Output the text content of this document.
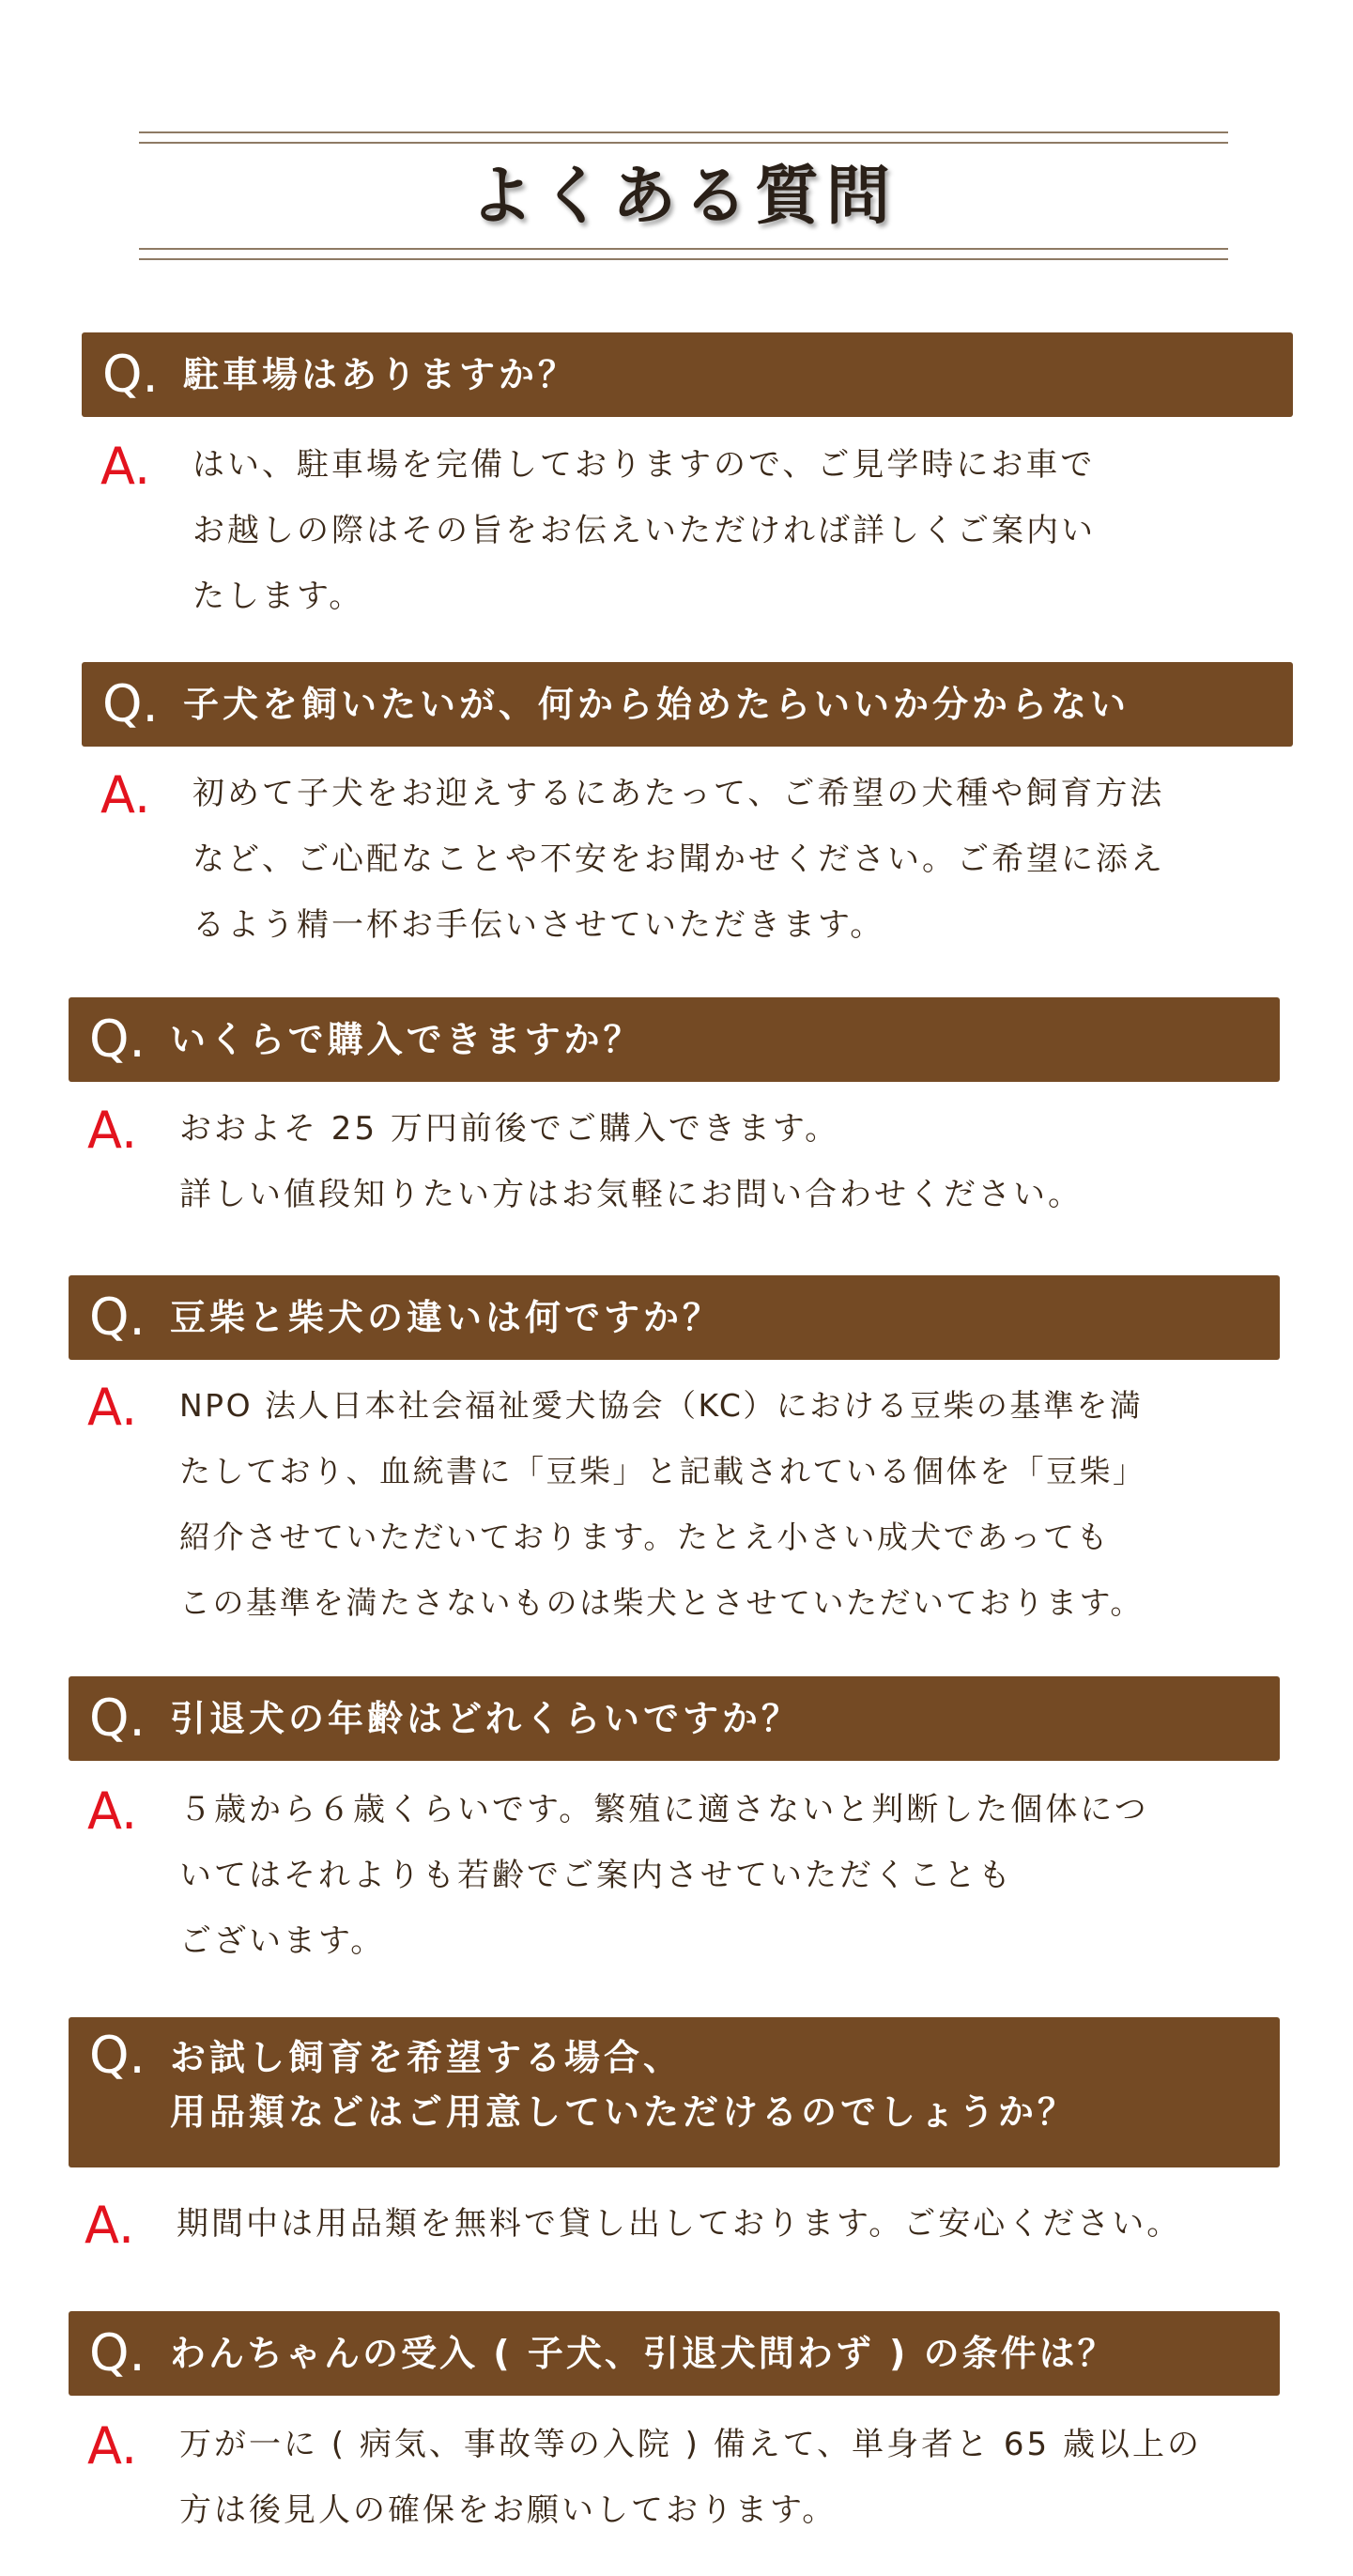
よくある質問
Q. 駐車場はありますか？
A. はい、駐車場を完備しておりますので、ご見学時にお車で
お越しの際はその旨をお伝えいただければ詳しくご案内い
たします。
Q. 子犬を飼いたいが、何から始めたらいいか分からない
A. 初めて子犬をお迎えするにあたって、ご希望の犬種や飼育方法
など、ご心配なことや不安をお聞かせください。ご希望に添え
るよう精一杯お手伝いさせていただきます。
Q. いくらで購入できますか？
A. おおよそ 25 万円前後でご購入できます。
詳しい値段知りたい方はお気軽にお問い合わせください。
Q. 豆柴と柴犬の違いは何ですか？
A. NPO 法人日本社会福祉愛犬協会（KC）における豆柴の基準を満
たしており、血統書に「豆柴」と記載されている個体を「豆柴」
紹介させていただいております。たとえ小さい成犬であっても
この基準を満たさないものは柴犬とさせていただいております。
Q. 引退犬の年齢はどれくらいですか？
A. ５歳から６歳くらいです。繁殖に適さないと判断した個体につ
いてはそれよりも若齢でご案内させていただくことも
ございます。
Q. お試し飼育を希望する場合、
用品類などはご用意していただけるのでしょうか？
A. 期間中は用品類を無料で貸し出しております。ご安心ください。
Q. わんちゃんの受入 ( 子犬、引退犬問わず ) の条件は？
A. 万が一に ( 病気、事故等の入院 ) 備えて、単身者と 65 歳以上の
方は後見人の確保をお願いしております。
